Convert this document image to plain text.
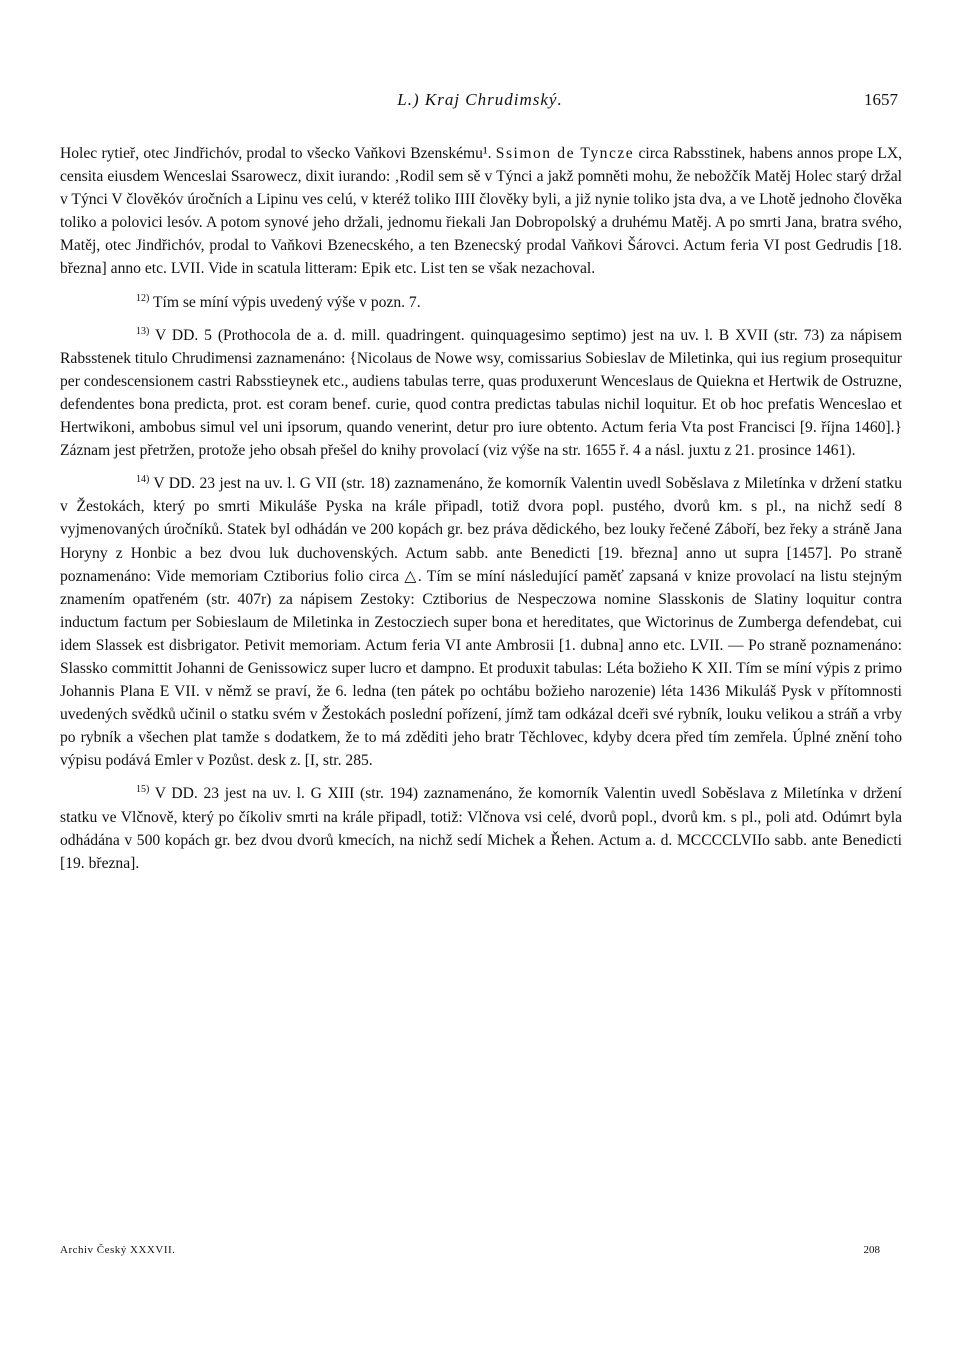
L.) Kraj Chrudimský.	1657

Holec rytieř, otec Jindřichóv, prodal to všecko Vaňkovi Bzenskému¹. Ssimon de Tyncze circa Rabsstinek, habens annos prope LX, censita eiusdem Wenceslai Ssarowecz, dixit iurando: ‚Rodil sem sě v Týnci a jakž pomněti mohu, že nebožčík Matěj Holec starý držal v Týnci V člověkóv úročních a Lipinu ves celú, v kteréž toliko IIII člověky byli, a již nynie toliko jsta dva, a ve Lhotě jednoho člověka toliko a polovici lesóv. A potom synové jeho držali, jednomu řiekali Jan Dobropolský a druhému Matěj. A po smrti Jana, bratra svého, Matěj, otec Jindřichóv, prodal to Vaňkovi Bzenecského, a ten Bzenecský prodal Vaňkovi Šárovci. Actum feria VI post Gedrudis [18. března] anno etc. LVII. Vide in scatula litteram: Epik etc. List ten se však nezachoval.

$^{12)}$ Tím se míní výpis uvedený výše v pozn. 7.

$^{13)}$ V DD. 5 (Prothocola de a. d. mill. quadringent. quinquagesimo septimo) jest na uv. l. B XVII (str. 73) za nápisem Rabsstenek titulo Chrudimensi zaznamenáno: {Nicolaus de Nowe wsy, comissarius Sobieslav de Miletinka, qui ius regium prosequitur per condescensionem castri Rabsstieynek etc., audiens tabulas terre, quas produxerunt Wenceslaus de Quiekna et Hertwik de Ostruzne, defendentes bona predicta, prot. est coram benef. curie, quod contra predictas tabulas nichil loquitur. Et ob hoc prefatis Wenceslao et Hertwikoni, ambobus simul vel uni ipsorum, quando venerint, detur pro iure obtento. Actum feria Vta post Francisci [9. října 1460].} Záznam jest přetržen, protože jeho obsah přešel do knihy provolací (viz výše na str. 1655 ř. 4 a násl. juxtu z 21. prosince 1461).

$^{14)}$ V DD. 23 jest na uv. l. G VII (str. 18) zaznamenáno, že komorník Valentin uvedl Soběslava z Miletínka v držení statku v Žestokách, který po smrti Mikuláše Pyska na krále připadl, totiž dvora popl. pustého, dvorů km. s pl., na nichž sedí 8 vyjmenovaných úročníků. Statek byl odhádán ve 200 kopách gr. bez práva dědického, bez louky řečené Záboří, bez řeky a stráně Jana Horyny z Honbic a bez dvou luk duchovenských. Actum sabb. ante Benedicti [19. března] anno ut supra [1457]. Po straně poznamenáno: Vide memoriam Cztiborius folio circa △. Tím se míní následující paměť zapsaná v knize provolací na listu stejným znamením opatřeném (str. 407r) za nápisem Zestoky: Cztiborius de Nespeczowa nomine Slasskonis de Slatiny loquitur contra inductum factum per Sobieslaum de Miletinka in Zestocziech super bona et hereditates, que Wictorinus de Zumberga defendebat, cui idem Slassek est disbrigator. Petivit memoriam. Actum feria VI ante Ambrosii [1. dubna] anno etc. LVII. — Po straně poznamenáno: Slassko committit Johanni de Genissowicz super lucro et dampno. Et produxit tabulas: Léta božieho K XII. Tím se míní výpis z primo Johannis Plana E VII. v němž se praví, že 6. ledna (ten pátek po ochtábu božieho narozenie) léta 1436 Mikuláš Pysk v přítomnosti uvedených svědků učinil o statku svém v Žestokách poslední pořízení, jímž tam odkázal dceři své rybník, louku velikou a stráň a vrby po rybník a všechen plat tamže s dodatkem, že to má zděditi jeho bratr Těchlovec, kdyby dcera před tím zemřela. Úplné znění toho výpisu podává Emler v Pozůst. desk z. [I, str. 285.

$^{15)}$ V DD. 23 jest na uv. l. G XIII (str. 194) zaznamenáno, že komorník Valentin uvedl Soběslava z Miletínka v držení statku ve Vlčnově, který po číkoliv smrti na krále připadl, totiž: Vlčnova vsi celé, dvorů popl., dvorů km. s pl., poli atd. Odúmrt byla odhádána v 500 kopách gr. bez dvou dvorů kmecích, na nichž sedí Michek a Řehen. Actum a. d. MCCCCLVIIo sabb. ante Benedicti [19. března].

Archiv Český XXXVII.	208
